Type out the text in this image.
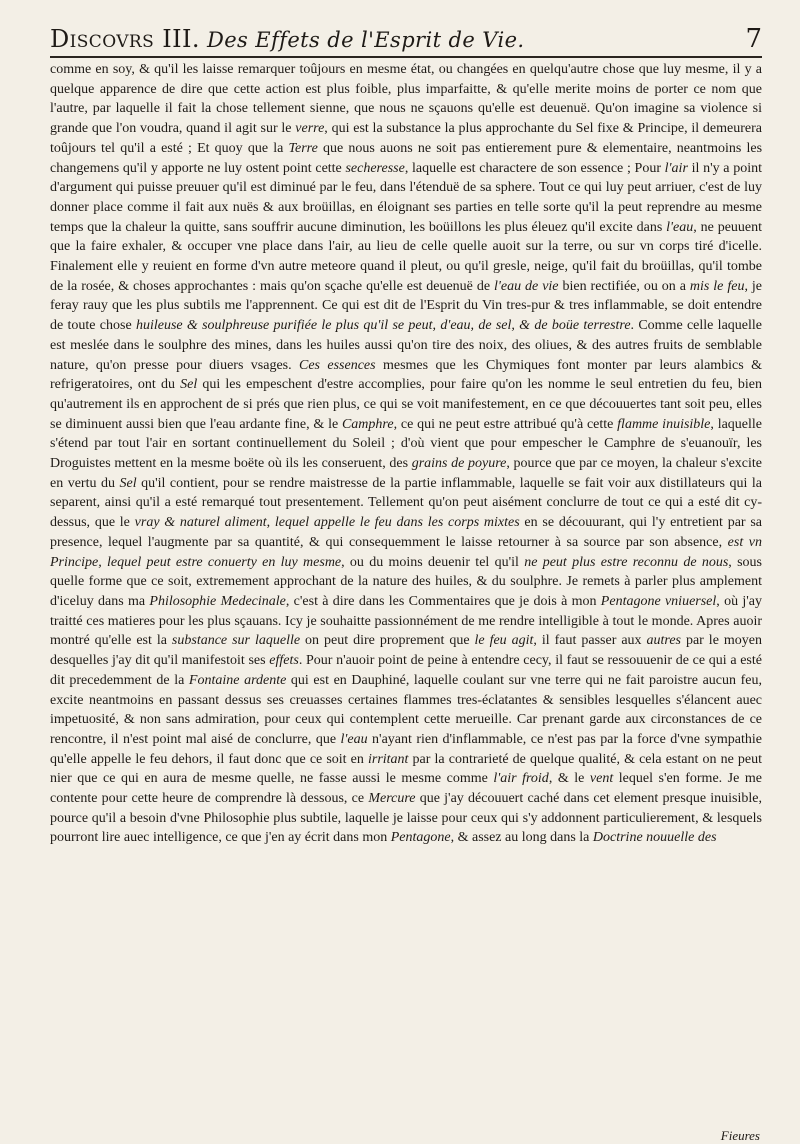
Discovrs III. Des Effets de l'Esprit de Vie.	7

comme en soy, & qu'il les laisse remarquer toûjours en mesme état, ou changées en quelqu'autre chose que luy mesme, il y a quelque apparence de dire que cette action est plus foible, plus imparfaitte, & qu'elle merite moins de porter ce nom que l'autre, par laquelle il fait la chose tellement sienne, que nous ne sçauons qu'elle est deuenuë. Qu'on imagine sa violence si grande que l'on voudra, quand il agit sur le verre, qui est la substance la plus approchante du Sel fixe & Principe, il demeurera toûjours tel qu'il a esté ; Et quoy que la Terre que nous auons ne soit pas entierement pure & elementaire, neantmoins les changemens qu'il y apporte ne luy ostent point cette secheresse, laquelle est charactere de son essence ; Pour l'air il n'y a point d'argument qui puisse preuuer qu'il est diminué par le feu, dans l'étenduë de sa sphere. Tout ce qui luy peut arriuer, c'est de luy donner place comme il fait aux nuës & aux broüillas, en éloignant ses parties en telle sorte qu'il la peut reprendre au mesme temps que la chaleur la quitte, sans souffrir aucune diminution, les boüillons les plus éleuez qu'il excite dans l'eau, ne peuuent que la faire exhaler, & occuper vne place dans l'air, au lieu de celle quelle auoit sur la terre, ou sur vn corps tiré d'icelle. Finalement elle y reuient en forme d'vn autre meteore quand il pleut, ou qu'il gresle, neige, qu'il fait du broüillas, qu'il tombe de la rosée, & choses approchantes : mais qu'on sçache qu'elle est deuenuë de l'eau de vie bien rectifiée, ou on a mis le feu, je feray rauy que les plus subtils me l'apprennent. Ce qui est dit de l'Esprit du Vin tres-pur & tres inflammable, se doit entendre de toute chose huileuse & soulphreuse purifiée le plus qu'il se peut, d'eau, de sel, & de boüe terrestre. Comme celle laquelle est meslée dans le soulphre des mines, dans les huiles aussi qu'on tire des noix, des oliues, & des autres fruits de semblable nature, qu'on presse pour diuers vsages. Ces essences mesmes que les Chymiques font monter par leurs alambics & refrigeratoires, ont du Sel qui les empeschent d'estre accomplies, pour faire qu'on les nomme le seul entretien du feu, bien qu'autrement ils en approchent de si prés que rien plus, ce qui se voit manifestement, en ce que découuertes tant soit peu, elles se diminuent aussi bien que l'eau ardante fine, & le Camphre, ce qui ne peut estre attribué qu'à cette flamme inuisible, laquelle s'étend par tout l'air en sortant continuellement du Soleil ; d'où vient que pour empescher le Camphre de s'euanouïr, les Droguistes mettent en la mesme boëte où ils les conseruent, des grains de poyure, pource que par ce moyen, la chaleur s'excite en vertu du Sel qu'il contient, pour se rendre maistresse de la partie inflammable, laquelle se fait voir aux distillateurs qui la separent, ainsi qu'il a esté remarqué tout presentement. Tellement qu'on peut aisément conclurre de tout ce qui a esté dit cy-dessus, que le vray & naturel aliment, lequel appelle le feu dans les corps mixtes en se découurant, qui l'y entretient par sa presence, lequel l'augmente par sa quantité, & qui consequemment le laisse retourner à sa source par son absence, est vn Principe, lequel peut estre conuerty en luy mesme, ou du moins deuenir tel qu'il ne peut plus estre reconnu de nous, sous quelle forme que ce soit, extremement approchant de la nature des huiles, & du soulphre. Je remets à parler plus amplement d'iceluy dans ma Philosophie Medecinale, c'est à dire dans les Commentaires que je dois à mon Pentagone vniuersel, où j'ay traitté ces matieres pour les plus sçauans. Icy je souhaitte passionnément de me rendre intelligible à tout le monde. Apres auoir montré qu'elle est la substance sur laquelle on peut dire proprement que le feu agit, il faut passer aux autres par le moyen desquelles j'ay dit qu'il manifestoit ses effets. Pour n'auoir point de peine à entendre cecy, il faut se ressouuenir de ce qui a esté dit precedemment de la Fontaine ardente qui est en Dauphiné, laquelle coulant sur vne terre qui ne fait paroistre aucun feu, excite neantmoins en passant dessus ses creuasses certaines flammes tres-éclatantes & sensibles lesquelles s'élancent auec impetuosité, & non sans admiration, pour ceux qui contemplent cette merueille. Car prenant garde aux circonstances de ce rencontre, il n'est point mal aisé de conclurre, que l'eau n'ayant rien d'inflammable, ce n'est pas par la force d'vne sympathie qu'elle appelle le feu dehors, il faut donc que ce soit en irritant par la contrarieté de quelque qualité, & cela estant on ne peut nier que ce qui en aura de mesme quelle, ne fasse aussi le mesme comme l'air froid, & le vent lequel s'en forme. Je me contente pour cette heure de comprendre là dessous, ce Mercure que j'ay découuert caché dans cet element presque inuisible, pource qu'il a besoin d'vne Philosophie plus subtile, laquelle je laisse pour ceux qui s'y addonnent particulierement, & lesquels pourront lire auec intelligence, ce que j'en ay écrit dans mon Pentagone, & assez au long dans la Doctrine nouuelle des

Fieures
